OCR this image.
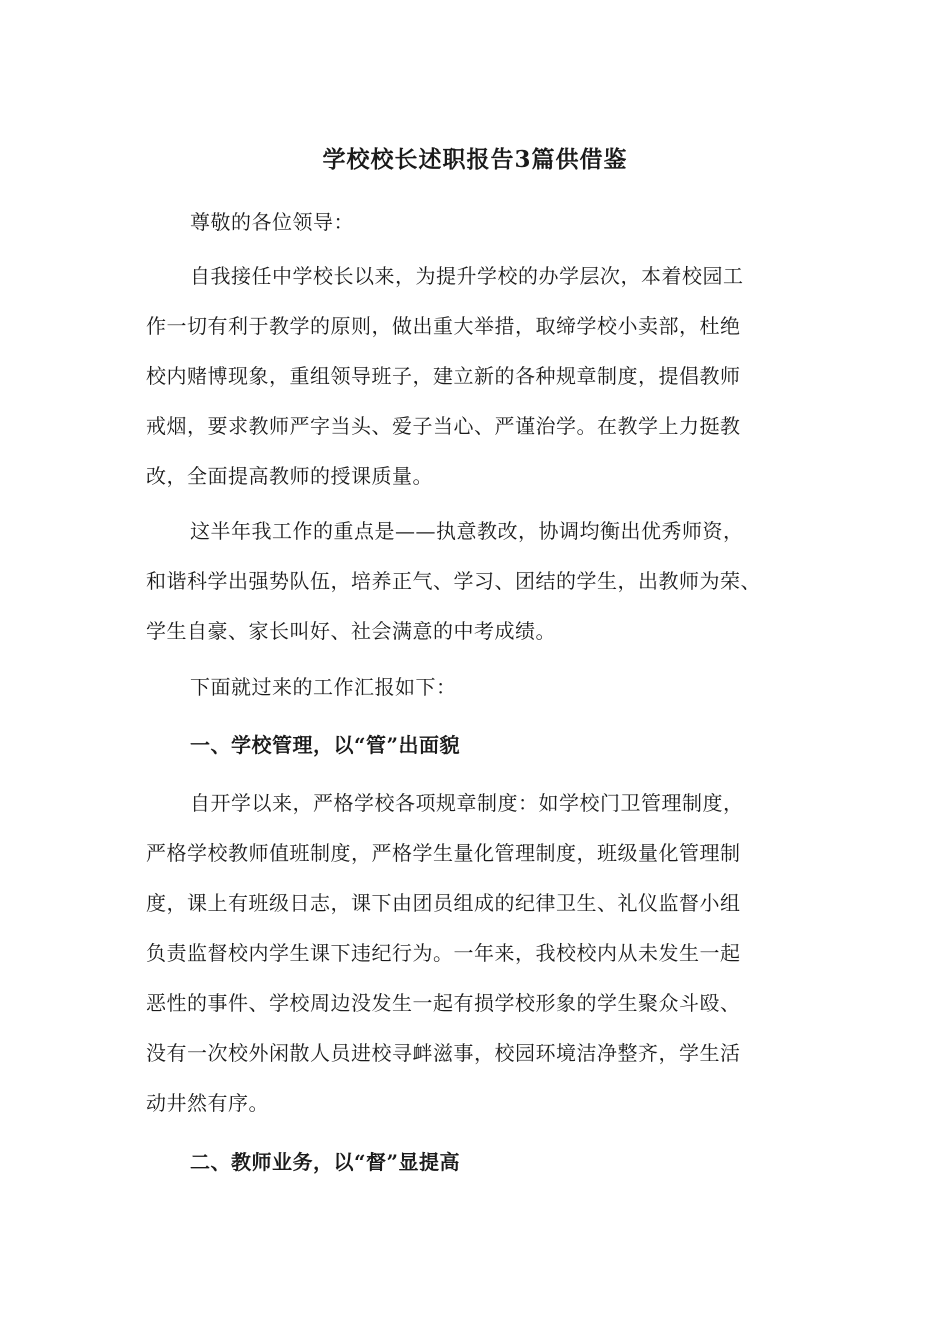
学校校长述职报告3篇供借鉴
尊敬的各位领导：
自我接任中学校长以来，为提升学校的办学层次，本着校园工
作一切有利于教学的原则，做出重大举措，取缔学校小卖部，杜绝
校内赌博现象，重组领导班子，建立新的各种规章制度，提倡教师
戒烟，要求教师严字当头、爱子当心、严谨治学。在教学上力挺教
改，全面提高教师的授课质量。
这半年我工作的重点是——执意教改，协调均衡出优秀师资，
和谐科学出强势队伍，培养正气、学习、团结的学生，出教师为荣、
学生自豪、家长叫好、社会满意的中考成绩。
下面就过来的工作汇报如下：
一、学校管理，以“管”出面貌
自开学以来，严格学校各项规章制度：如学校门卫管理制度，
严格学校教师值班制度，严格学生量化管理制度，班级量化管理制
度，课上有班级日志，课下由团员组成的纪律卫生、礼仪监督小组
负责监督校内学生课下违纪行为。一年来，我校校内从未发生一起
恶性的事件、学校周边没发生一起有损学校形象的学生聚众斗殴、
没有一次校外闲散人员进校寻衅滋事，校园环境洁净整齐，学生活
动井然有序。
二、教师业务，以“督”显提高
